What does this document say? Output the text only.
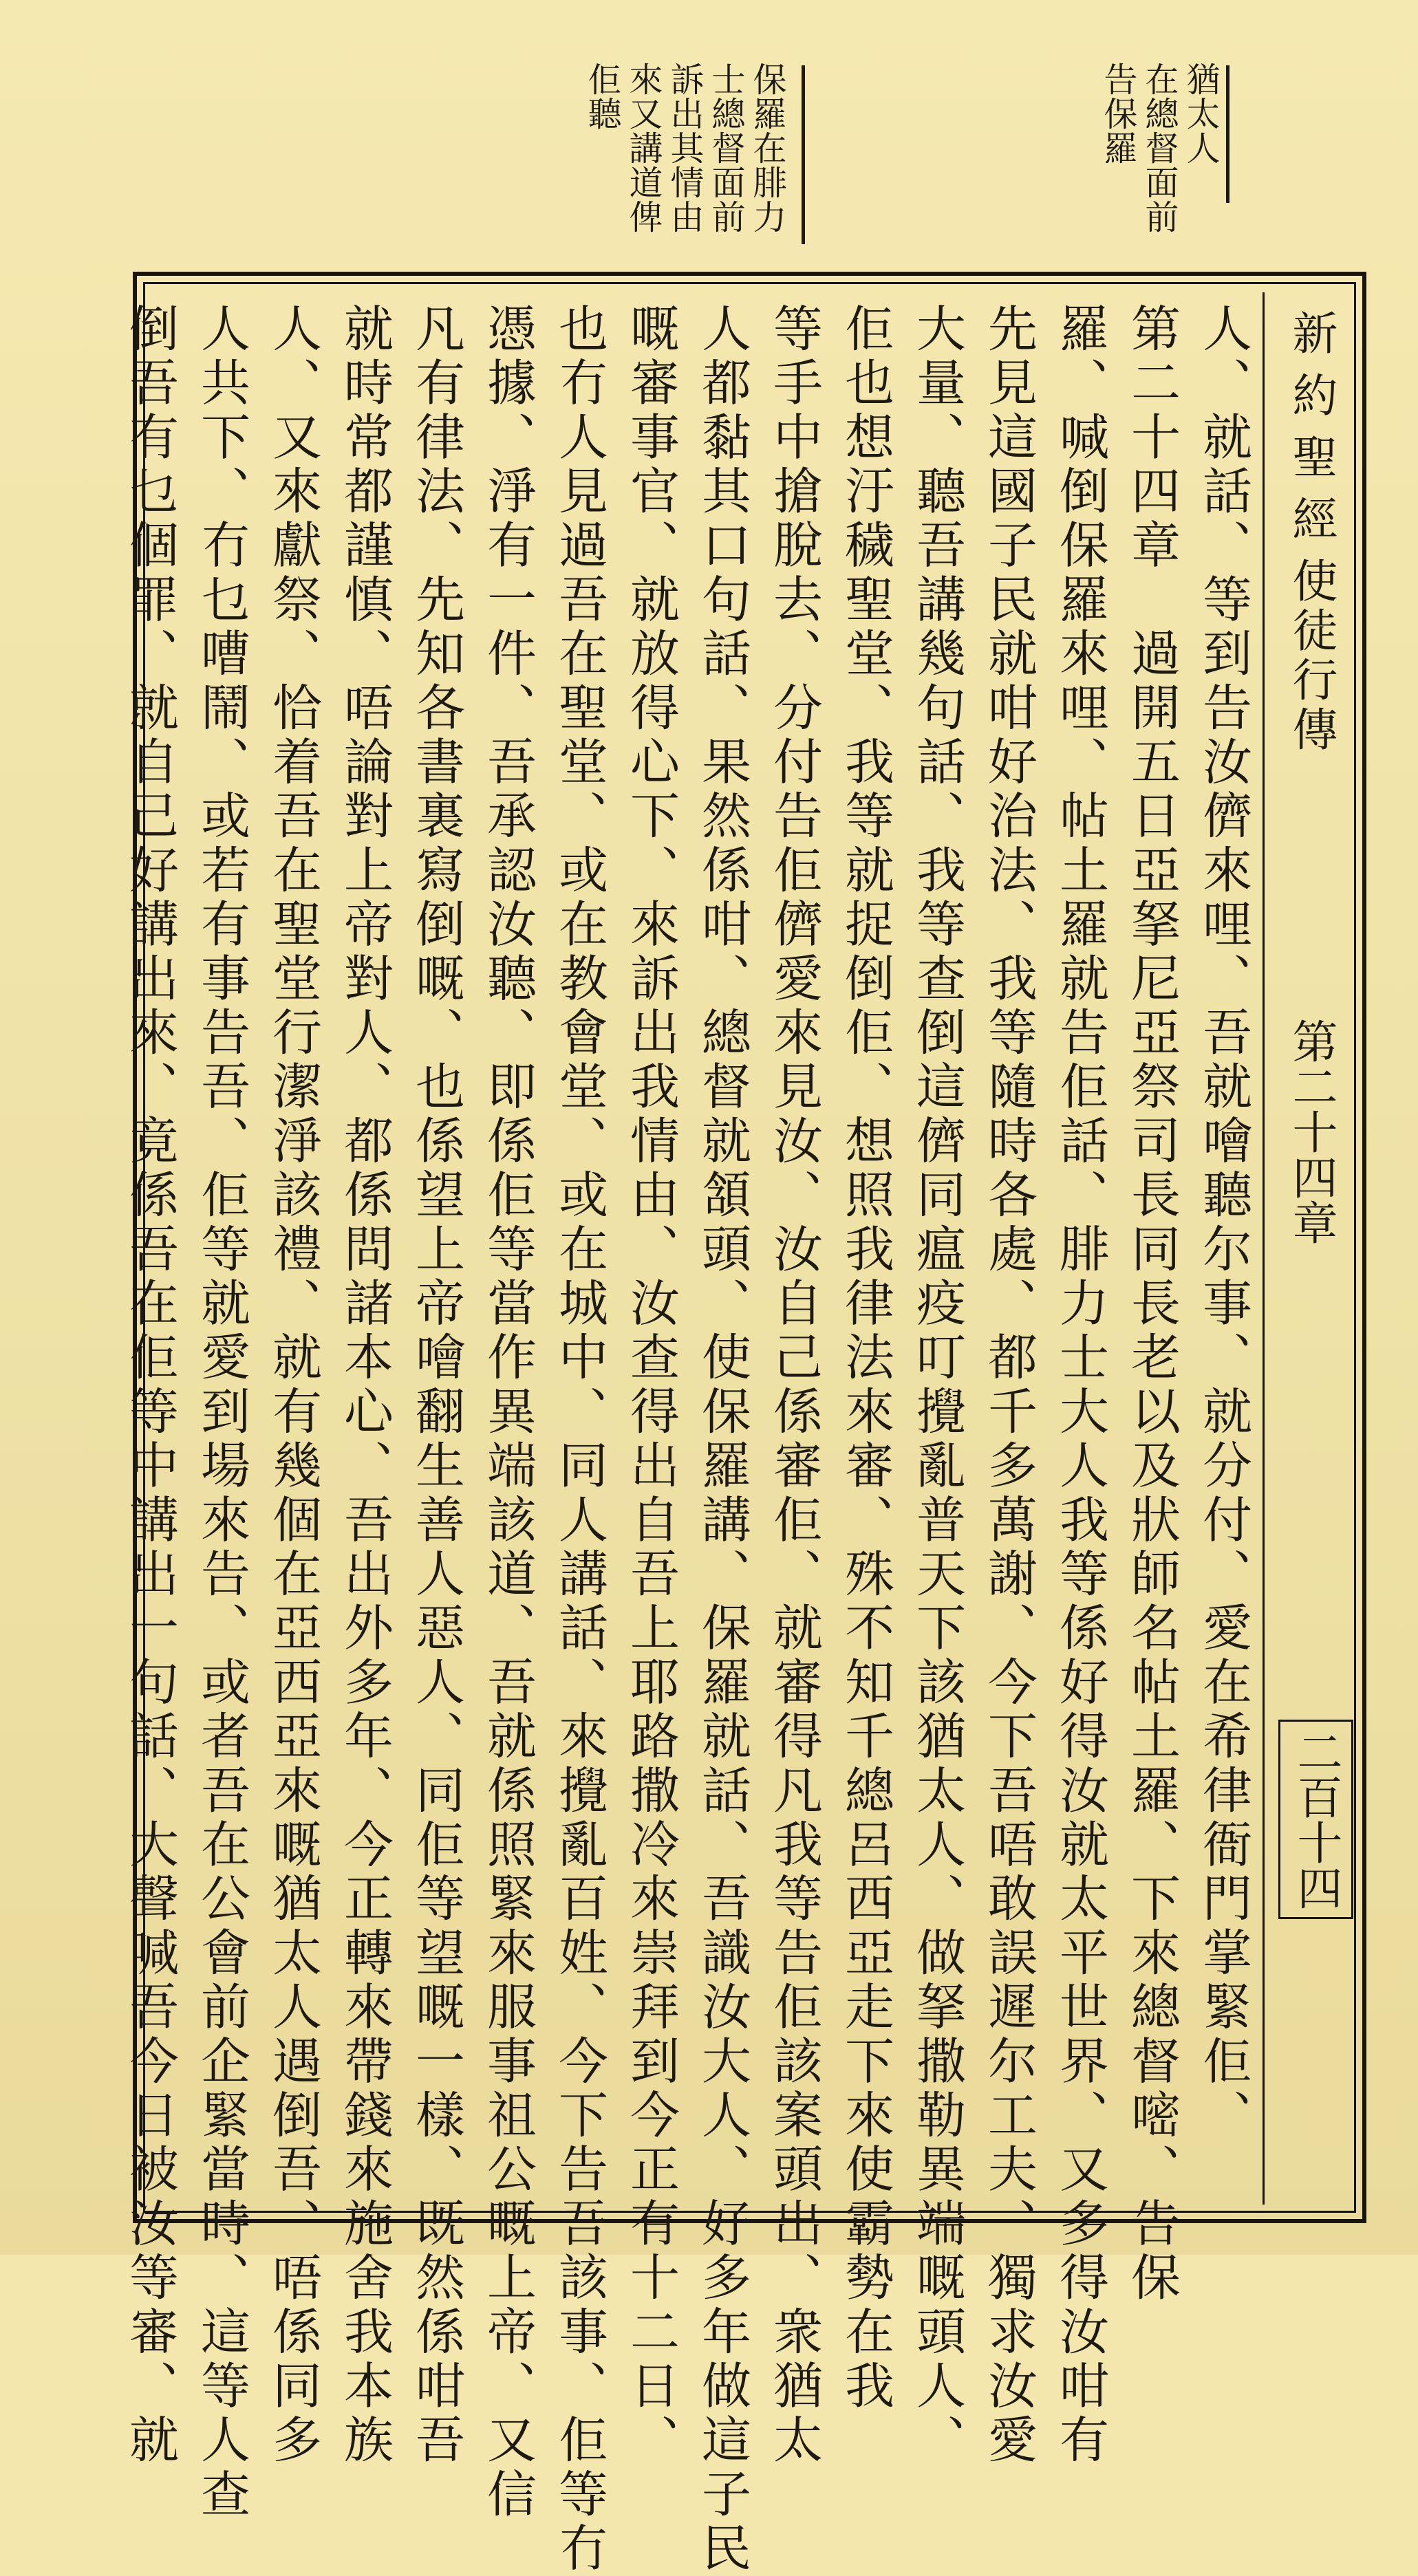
猶太人
在總督面前
告保羅
保羅在腓力
士總督面前
訴出其情由
來又講道俾
佢聽
新約聖經
使徒行傳
第二十四章
二百十四
人、就話、等到告汝儕來哩、吾就噲聽尔事、就分付、愛在希律衙門掌緊佢、
第二十四章　過開五日亞拏尼亞祭司長同長老以及狀師名帖土羅、下來總督嘧、告保
羅、喊倒保羅來哩、帖土羅就告佢話、腓力士大人我等係好得汝就太平世界、又多得汝咁有
先見這國子民就咁好治法、我等隨時各處、都千多萬謝、今下吾唔敢誤遲尔工夫、獨求汝愛
大量、聽吾講幾句話、我等查倒這儕同瘟疫叮攪亂普天下該猶太人、做拏撒勒異端嘅頭人、
佢也想汙穢聖堂、我等就捉倒佢、想照我律法來審、殊不知千總呂西亞走下來使霸勢在我
等手中搶脫去、分付告佢儕愛來見汝、汝自己係審佢、就審得凡我等告佢該案頭出、衆猶太
人都黏其口句話、果然係咁、總督就頷頭、使保羅講、保羅就話、吾識汝大人、好多年做這子民
嘅審事官、就放得心下、來訴出我情由、汝查得出自吾上耶路撒冷來崇拜到今正有十二日、
也冇人見過吾在聖堂、或在教會堂、或在城中、同人講話、來攪亂百姓、今下告吾該事、佢等冇
憑據、淨有一件、吾承認汝聽、即係佢等當作異端該道、吾就係照緊來服事祖公嘅上帝、又信
凡有律法、先知各書裏寫倒嘅、也係望上帝噲翻生善人惡人、同佢等望嘅一樣、既然係咁吾
就時常都謹慎、唔論對上帝對人、都係問諸本心、吾出外多年、今正轉來帶錢來施舍我本族
人、又來獻祭、恰着吾在聖堂行潔淨該禮、就有幾個在亞西亞來嘅猶太人遇倒吾、唔係同多
人共下、冇乜嘈鬧、或若有事告吾、佢等就愛到場來告、或者吾在公會前企緊當時、這等人查
倒吾有乜個罪、就自己好講出來、竟係吾在佢等中講出一句話、大聲喊吾今日被汝等審、就
